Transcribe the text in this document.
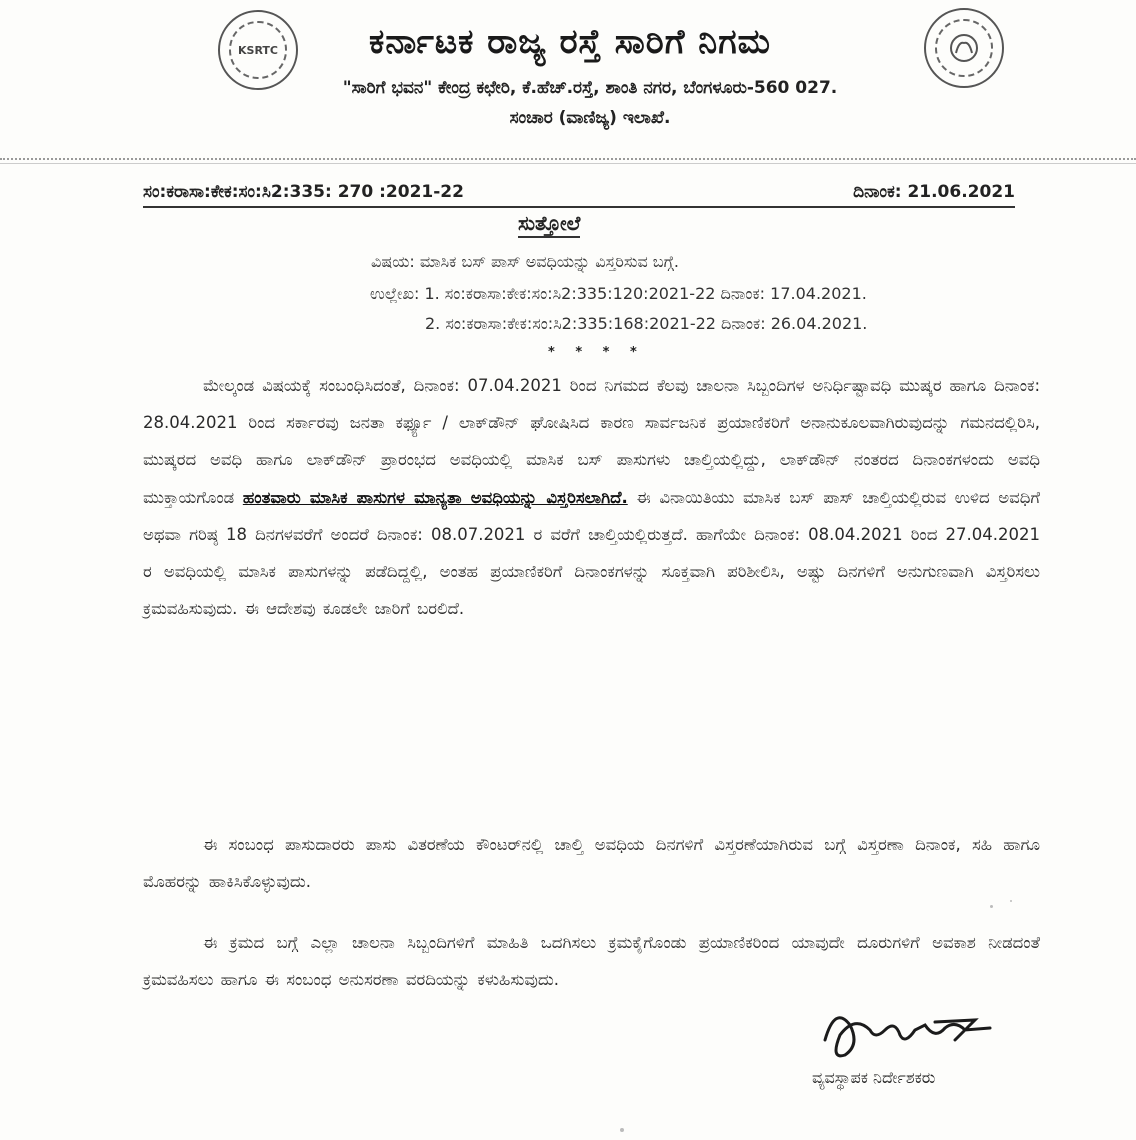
KSRTC	ಕರ್ನಾಟಕ ರಾಜ್ಯ ರಸ್ತೆ ಸಾರಿಗೆ ನಿಗಮ
"ಸಾರಿಗೆ ಭವನ" ಕೇಂದ್ರ ಕಛೇರಿ, ಕೆ.ಹೆಚ್.ರಸ್ತೆ, ಶಾಂತಿ ನಗರ, ಬೆಂಗಳೂರು-560 027.
ಸಂಚಾರ (ವಾಣಿಜ್ಯ) ಇಲಾಖೆ.
ಸಂ:ಕರಾಸಾ:ಕೇಕ:ಸಂ:ಸಿ2:335: 270 :2021-22	ದಿನಾಂಕ: 21.06.2021
ಸುತ್ತೋಲೆ
ವಿಷಯ: ಮಾಸಿಕ ಬಸ್ ಪಾಸ್ ಅವಧಿಯನ್ನು ವಿಸ್ತರಿಸುವ ಬಗ್ಗೆ.
ಉಲ್ಲೇಖ: 1. ಸಂ:ಕರಾಸಾ:ಕೇಕ:ಸಂ:ಸಿ2:335:120:2021-22 ದಿನಾಂಕ: 17.04.2021.
2. ಸಂ:ಕರಾಸಾ:ಕೇಕ:ಸಂ:ಸಿ2:335:168:2021-22 ದಿನಾಂಕ: 26.04.2021.
* * * *

ಮೇಲ್ಕಂಡ ವಿಷಯಕ್ಕೆ ಸಂಬಂಧಿಸಿದಂತೆ, ದಿನಾಂಕ: 07.04.2021 ರಿಂದ ನಿಗಮದ ಕೆಲವು ಚಾಲನಾ ಸಿಬ್ಬಂದಿಗಳ ಅನಿರ್ಧಿಷ್ಟಾವಧಿ ಮುಷ್ಕರ ಹಾಗೂ ದಿನಾಂಕ: 28.04.2021 ರಿಂದ ಸರ್ಕಾರವು ಜನತಾ ಕರ್ಫ್ಯೂ / ಲಾಕ್‌ಡೌನ್ ಘೋಷಿಸಿದ ಕಾರಣ ಸಾರ್ವಜನಿಕ ಪ್ರಯಾಣಿಕರಿಗೆ ಅನಾನುಕೂಲವಾಗಿರುವುದನ್ನು ಗಮನದಲ್ಲಿರಿಸಿ, ಮುಷ್ಕರದ ಅವಧಿ ಹಾಗೂ ಲಾಕ್‌ಡೌನ್ ಪ್ರಾರಂಭದ ಅವಧಿಯಲ್ಲಿ ಮಾಸಿಕ ಬಸ್ ಪಾಸುಗಳು ಚಾಲ್ತಿಯಲ್ಲಿದ್ದು, ಲಾಕ್‌ಡೌನ್ ನಂತರದ ದಿನಾಂಕಗಳಂದು ಅವಧಿ ಮುಕ್ತಾಯಗೊಂಡ ಹಂತವಾರು ಮಾಸಿಕ ಪಾಸುಗಳ ಮಾನ್ಯತಾ ಅವಧಿಯನ್ನು ವಿಸ್ತರಿಸಲಾಗಿದೆ. ಈ ವಿನಾಯಿತಿಯು ಮಾಸಿಕ ಬಸ್ ಪಾಸ್ ಚಾಲ್ತಿಯಲ್ಲಿರುವ ಉಳಿದ ಅವಧಿಗೆ ಅಥವಾ ಗರಿಷ್ಠ 18 ದಿನಗಳವರೆಗೆ ಅಂದರೆ ದಿನಾಂಕ: 08.07.2021 ರ ವರೆಗೆ ಚಾಲ್ತಿಯಲ್ಲಿರುತ್ತದೆ. ಹಾಗೆಯೇ ದಿನಾಂಕ: 08.04.2021 ರಿಂದ 27.04.2021 ರ ಅವಧಿಯಲ್ಲಿ ಮಾಸಿಕ ಪಾಸುಗಳನ್ನು ಪಡೆದಿದ್ದಲ್ಲಿ, ಅಂತಹ ಪ್ರಯಾಣಿಕರಿಗೆ ದಿನಾಂಕಗಳನ್ನು ಸೂಕ್ತವಾಗಿ ಪರಿಶೀಲಿಸಿ, ಅಷ್ಟು ದಿನಗಳಿಗೆ ಅನುಗುಣವಾಗಿ ವಿಸ್ತರಿಸಲು ಕ್ರಮವಹಿಸುವುದು. ಈ ಆದೇಶವು ಕೂಡಲೇ ಜಾರಿಗೆ ಬರಲಿದೆ.

ಈ ಸಂಬಂಧ ಪಾಸುದಾರರು ಪಾಸು ವಿತರಣೆಯ ಕೌಂಟರ್‌ನಲ್ಲಿ ಚಾಲ್ತಿ ಅವಧಿಯ ದಿನಗಳಿಗೆ ವಿಸ್ತರಣೆಯಾಗಿರುವ ಬಗ್ಗೆ ವಿಸ್ತರಣಾ ದಿನಾಂಕ, ಸಹಿ ಹಾಗೂ ಮೊಹರನ್ನು ಹಾಕಿಸಿಕೊಳ್ಳುವುದು.

ಈ ಕ್ರಮದ ಬಗ್ಗೆ ಎಲ್ಲಾ ಚಾಲನಾ ಸಿಬ್ಬಂದಿಗಳಿಗೆ ಮಾಹಿತಿ ಒದಗಿಸಲು ಕ್ರಮಕೈಗೊಂಡು ಪ್ರಯಾಣಿಕರಿಂದ ಯಾವುದೇ ದೂರುಗಳಿಗೆ ಅವಕಾಶ ನೀಡದಂತೆ ಕ್ರಮವಹಿಸಲು ಹಾಗೂ ಈ ಸಂಬಂಧ ಅನುಸರಣಾ ವರದಿಯನ್ನು ಕಳುಹಿಸುವುದು.

ವ್ಯವಸ್ಥಾಪಕ ನಿರ್ದೇಶಕರು
